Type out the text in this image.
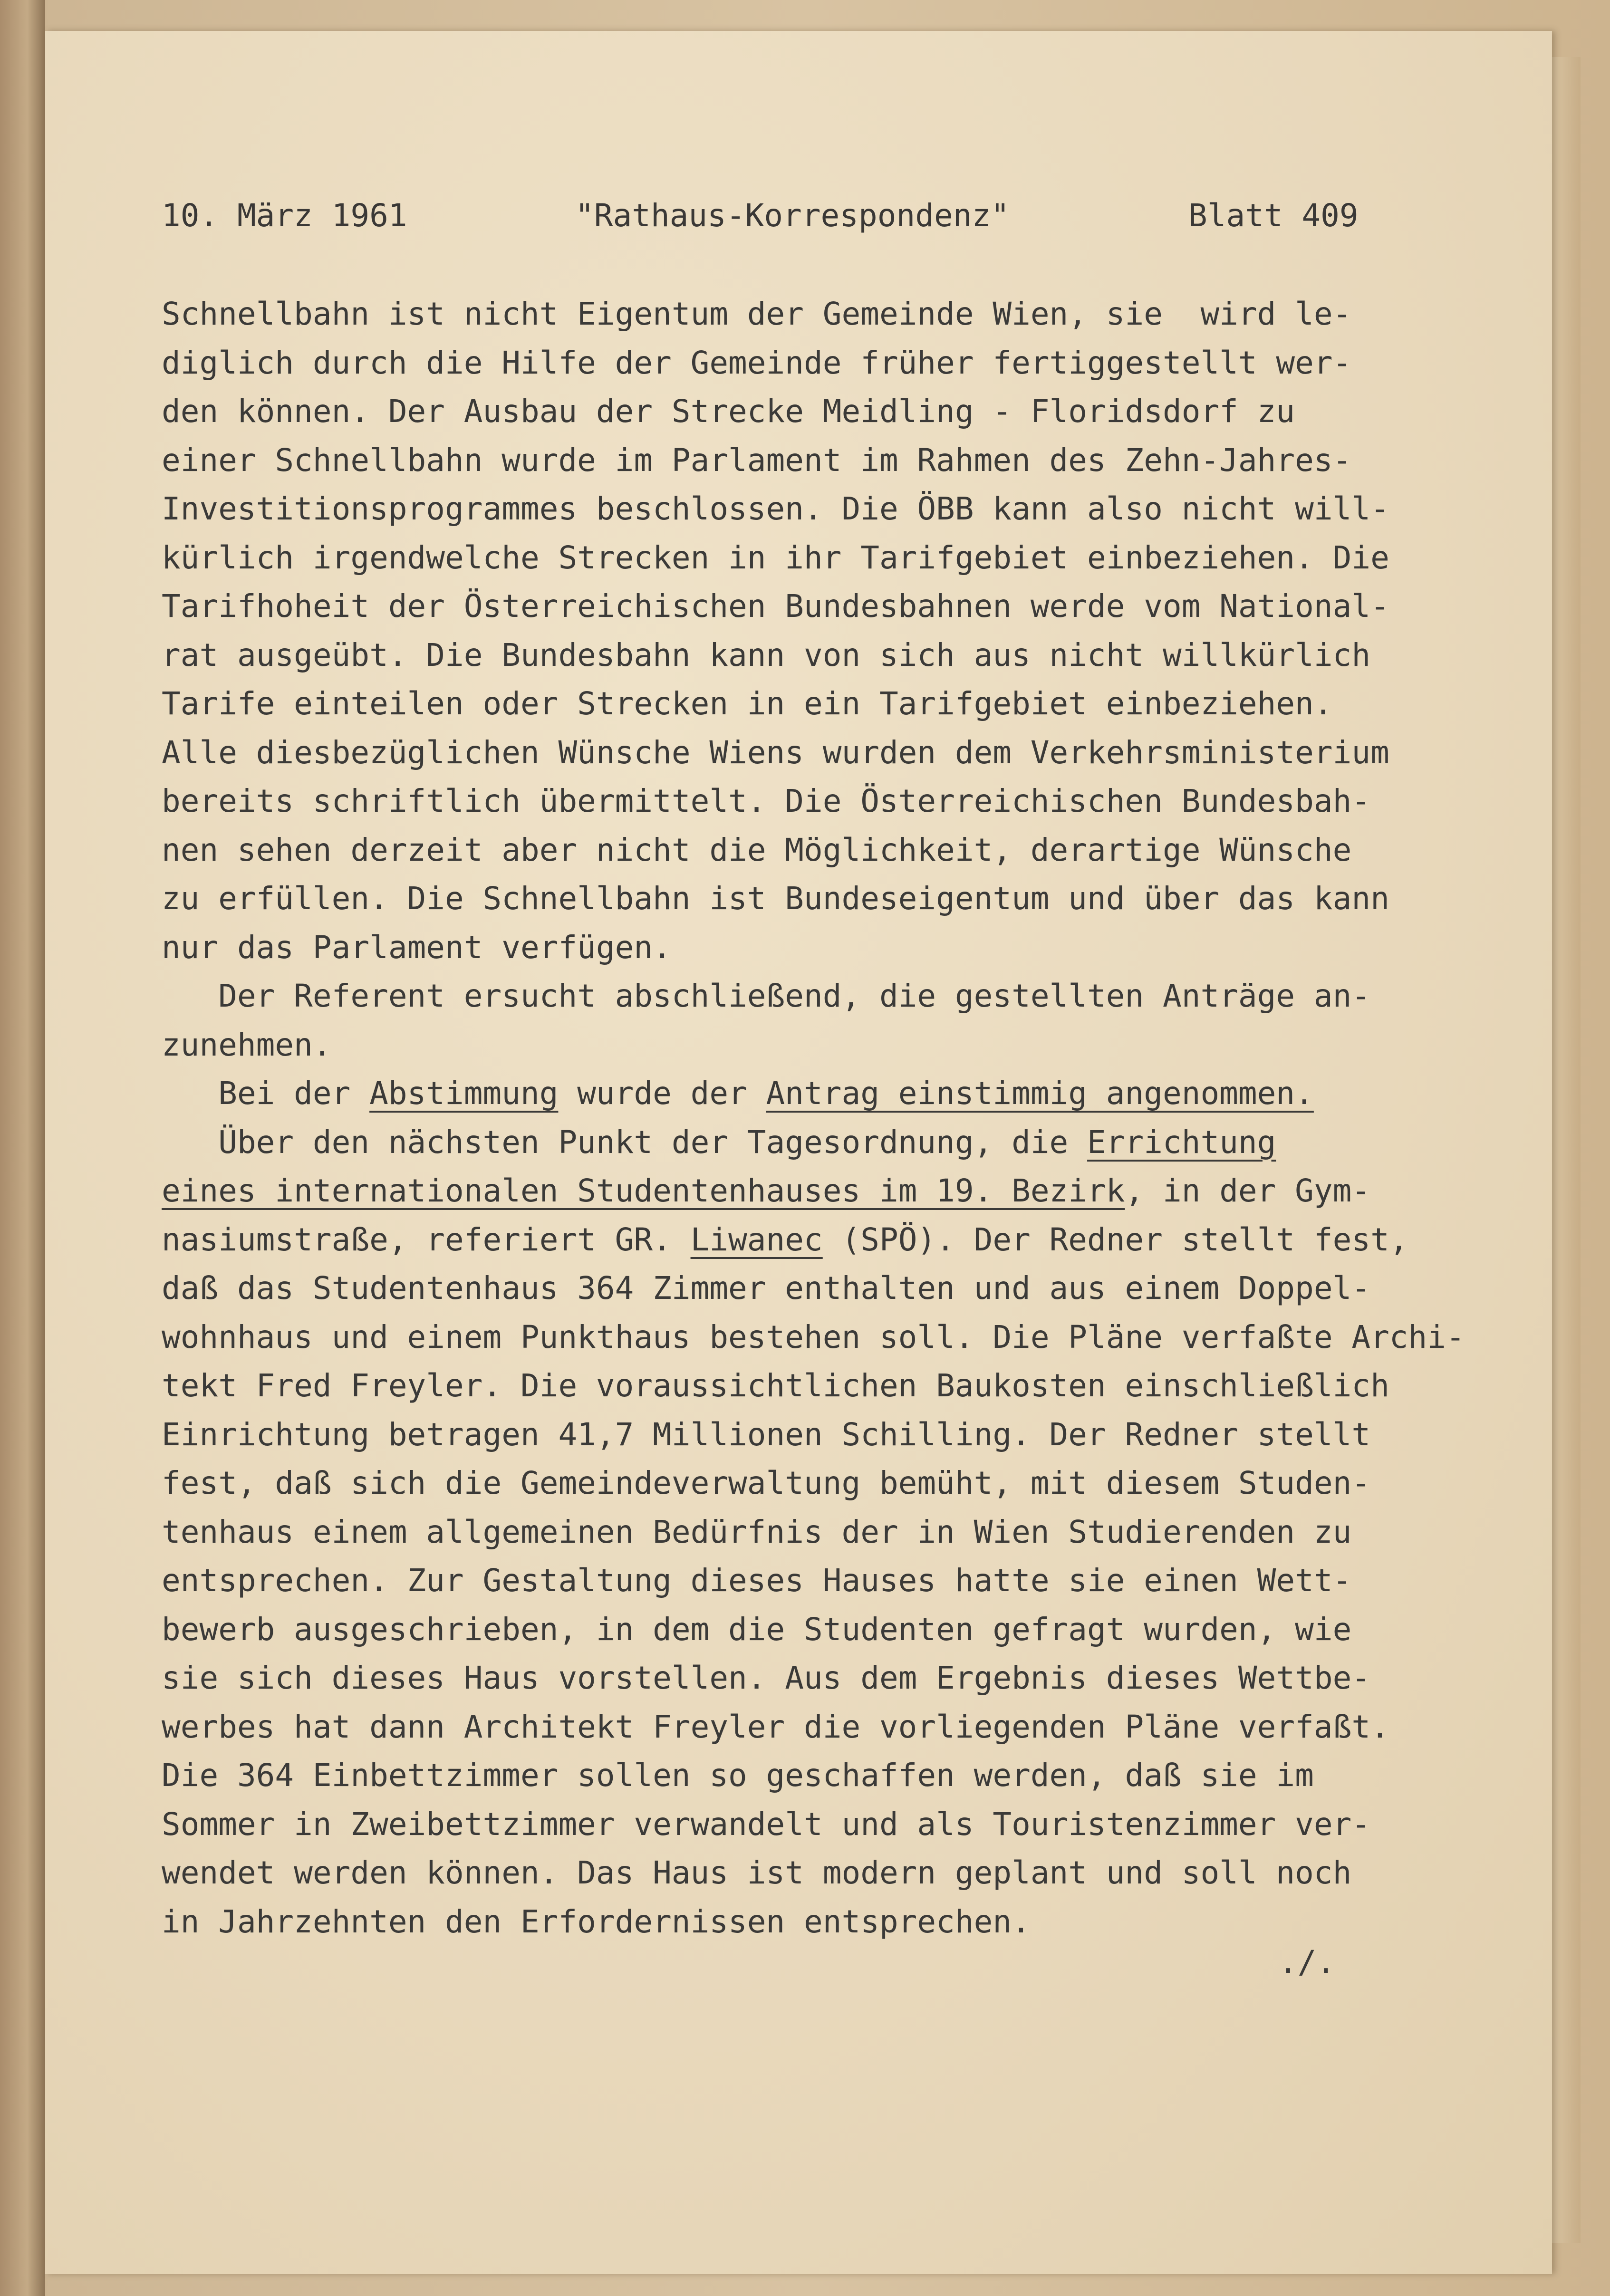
10. März 1961

	"Rathaus-Korrespondenz"

	Blatt 409

Schnellbahn ist nicht Eigentum der Gemeinde Wien, sie  wird le-
diglich durch die Hilfe der Gemeinde früher fertiggestellt wer-
den können. Der Ausbau der Strecke Meidling - Floridsdorf zu
einer Schnellbahn wurde im Parlament im Rahmen des Zehn-Jahres-
Investitionsprogrammes beschlossen. Die ÖBB kann also nicht will-
kürlich irgendwelche Strecken in ihr Tarifgebiet einbeziehen. Die
Tarifhoheit der Österreichischen Bundesbahnen werde vom National-
rat ausgeübt. Die Bundesbahn kann von sich aus nicht willkürlich
Tarife einteilen oder Strecken in ein Tarifgebiet einbeziehen.
Alle diesbezüglichen Wünsche Wiens wurden dem Verkehrsministerium
bereits schriftlich übermittelt. Die Österreichischen Bundesbah-
nen sehen derzeit aber nicht die Möglichkeit, derartige Wünsche
zu erfüllen. Die Schnellbahn ist Bundeseigentum und über das kann
nur das Parlament verfügen.
Der Referent ersucht abschließend, die gestellten Anträge an-
zunehmen.
Bei der Abstimmung wurde der Antrag einstimmig angenommen.
Über den nächsten Punkt der Tagesordnung, die Errichtung
eines internationalen Studentenhauses im 19. Bezirk, in der Gym-
nasiumstraße, referiert GR. Liwanec (SPÖ). Der Redner stellt fest,
daß das Studentenhaus 364 Zimmer enthalten und aus einem Doppel-
wohnhaus und einem Punkthaus bestehen soll. Die Pläne verfaßte Archi-
tekt Fred Freyler. Die voraussichtlichen Baukosten einschließlich
Einrichtung betragen 41,7 Millionen Schilling. Der Redner stellt
fest, daß sich die Gemeindeverwaltung bemüht, mit diesem Studen-
tenhaus einem allgemeinen Bedürfnis der in Wien Studierenden zu
entsprechen. Zur Gestaltung dieses Hauses hatte sie einen Wett-
bewerb ausgeschrieben, in dem die Studenten gefragt wurden, wie
sie sich dieses Haus vorstellen. Aus dem Ergebnis dieses Wettbe-
werbes hat dann Architekt Freyler die vorliegenden Pläne verfaßt.
Die 364 Einbettzimmer sollen so geschaffen werden, daß sie im
Sommer in Zweibettzimmer verwandelt und als Touristenzimmer ver-
wendet werden können. Das Haus ist modern geplant und soll noch
in Jahrzehnten den Erfordernissen entsprechen.
./.
